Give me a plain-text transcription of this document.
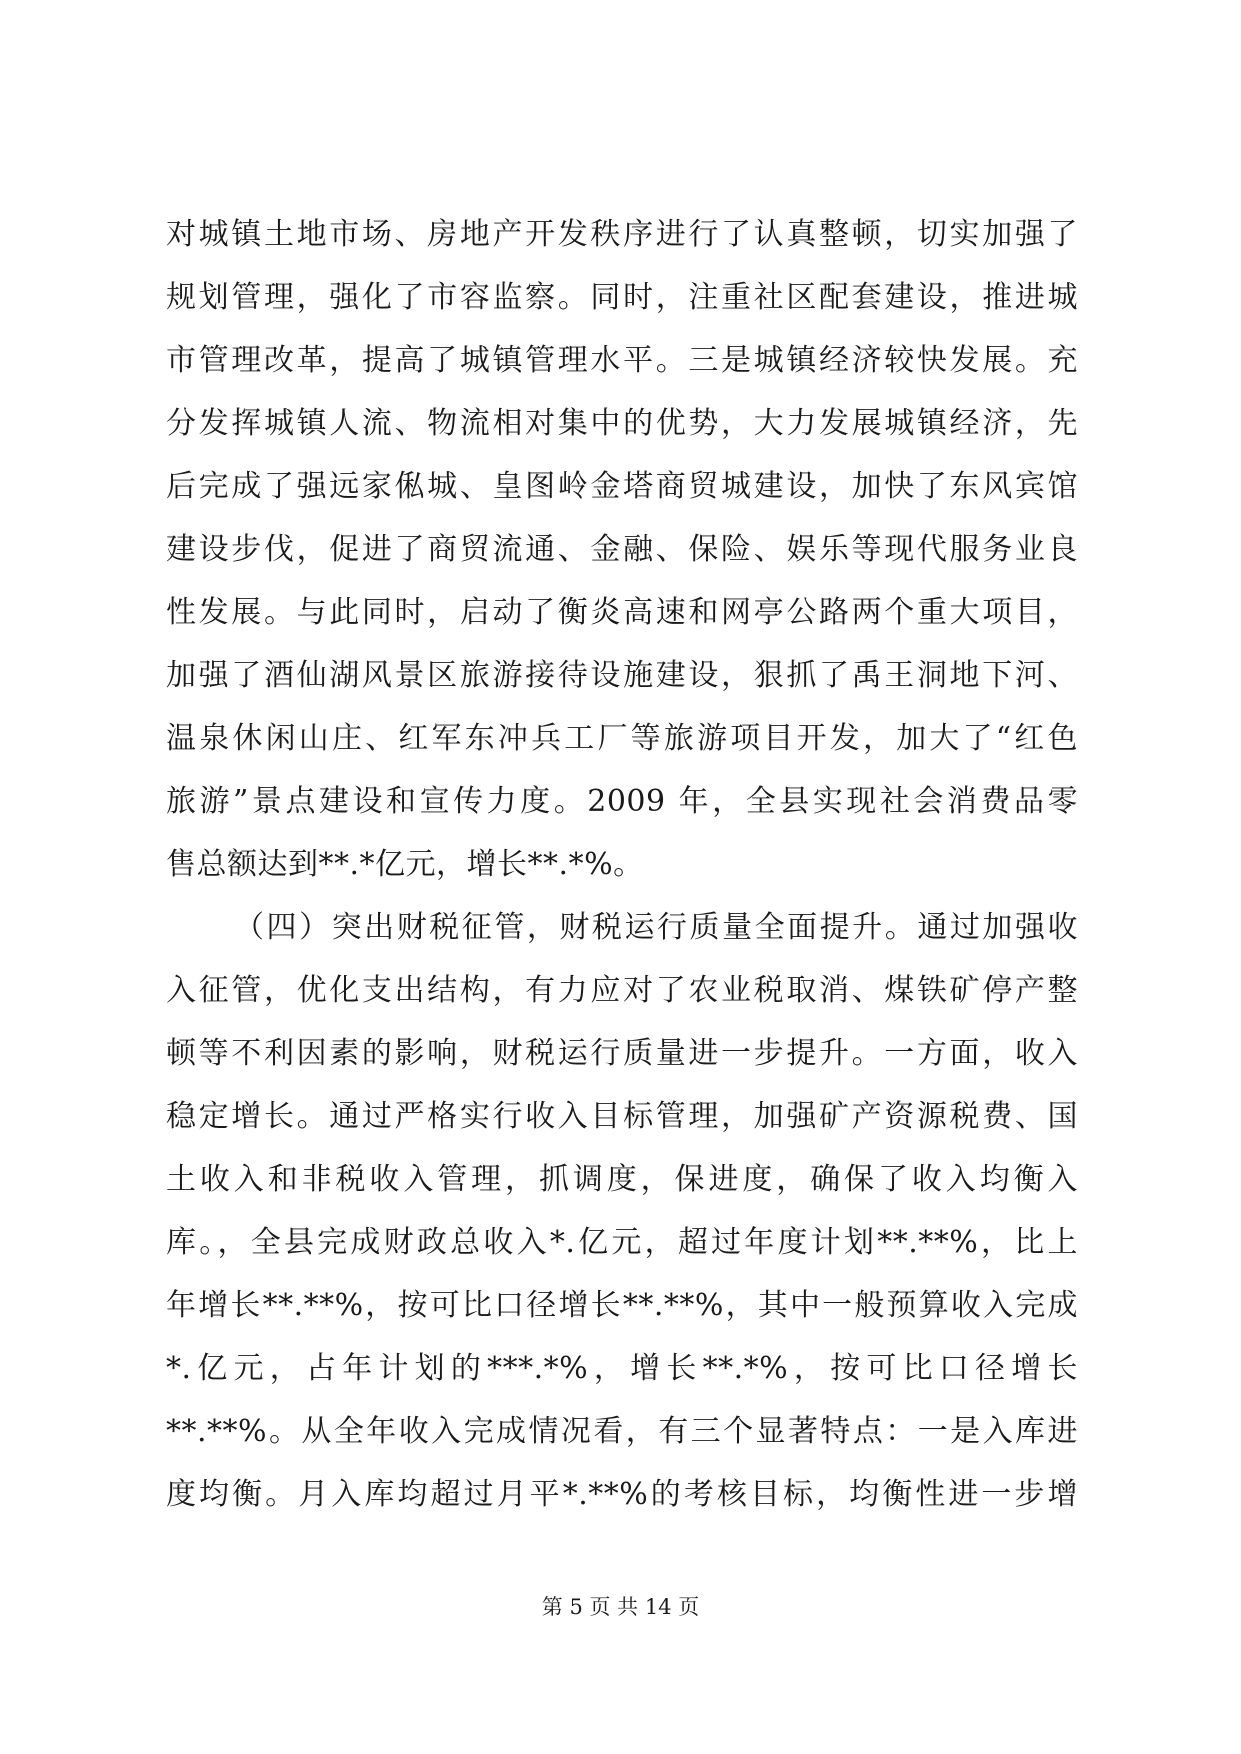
对城镇土地市场、房地产开发秩序进行了认真整顿，切实加强了
规划管理，强化了市容监察。同时，注重社区配套建设，推进城
市管理改革，提高了城镇管理水平。三是城镇经济较快发展。充
分发挥城镇人流、物流相对集中的优势，大力发展城镇经济，先
后完成了强远家俬城、皇图岭金塔商贸城建设，加快了东风宾馆
建设步伐，促进了商贸流通、金融、保险、娱乐等现代服务业良
性发展。与此同时，启动了衡炎高速和网亭公路两个重大项目，
加强了酒仙湖风景区旅游接待设施建设，狠抓了禹王洞地下河、
温泉休闲山庄、红军东冲兵工厂等旅游项目开发，加大了“红色
旅游”景点建设和宣传力度。2009 年，全县实现社会消费品零
售总额达到**.*亿元，增长**.*%。
（四）突出财税征管，财税运行质量全面提升。通过加强收
入征管，优化支出结构，有力应对了农业税取消、煤铁矿停产整
顿等不利因素的影响，财税运行质量进一步提升。一方面，收入
稳定增长。通过严格实行收入目标管理，加强矿产资源税费、国
土收入和非税收入管理，抓调度，保进度，确保了收入均衡入
库。，全县完成财政总收入*.亿元，超过年度计划**.**%，比上
年增长**.**%，按可比口径增长**.**%，其中一般预算收入完成
*.亿元，占年计划的***.*%，增长**.*%，按可比口径增长
**.**%。从全年收入完成情况看，有三个显著特点：一是入库进
度均衡。月入库均超过月平*.**%的考核目标，均衡性进一步增
第 5 页 共 14 页
